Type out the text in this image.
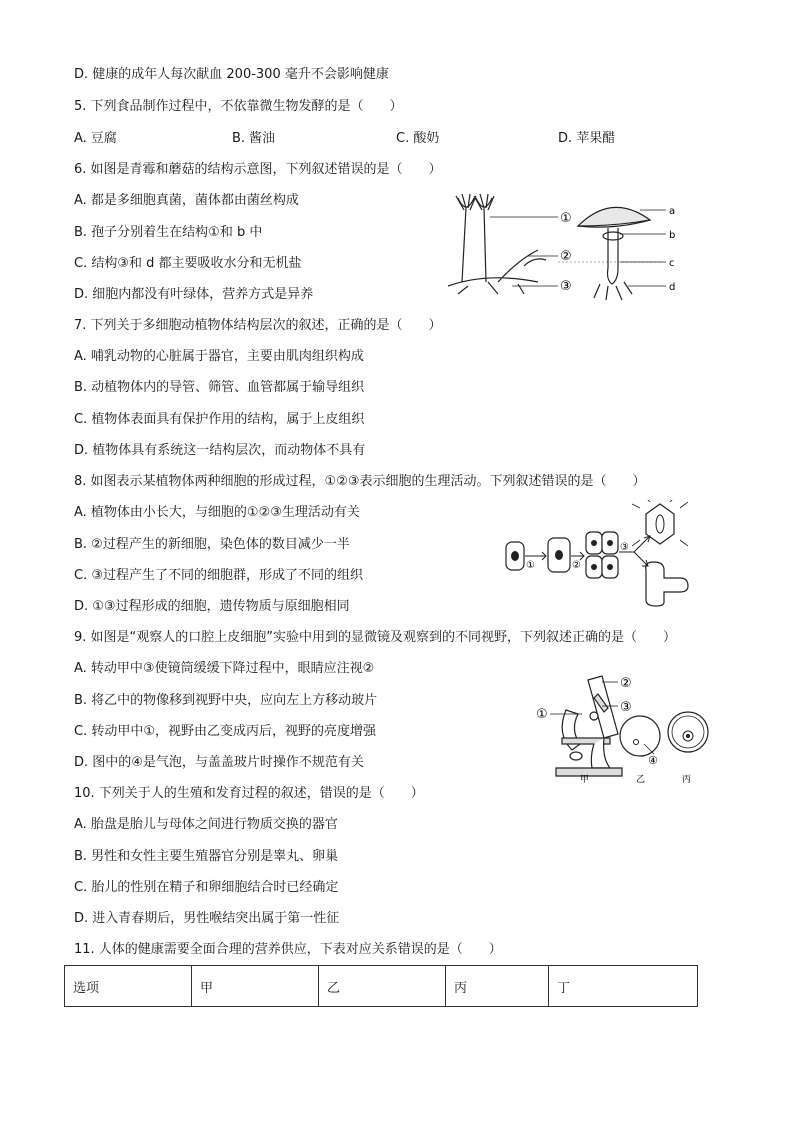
D. 健康的成年人每次献血 200-300 毫升不会影响健康
5. 下列食品制作过程中，不依靠微生物发酵的是（　　）
A. 豆腐	B. 酱油	C. 酸奶	D. 苹果醋
6. 如图是青霉和蘑菇的结构示意图，下列叙述错误的是（　　）
A. 都是多细胞真菌，菌体都由菌丝构成
B. 孢子分别着生在结构①和 b 中
C. 结构③和 d 都主要吸收水分和无机盐
D. 细胞内都没有叶绿体，营养方式是异养
①
②
③
a
b
c
d
7. 下列关于多细胞动植物体结构层次的叙述，正确的是（　　）
A. 哺乳动物的心脏属于器官，主要由肌肉组织构成
B. 动植物体内的导管、筛管、血管都属于输导组织
C. 植物体表面具有保护作用的结构，属于上皮组织
D. 植物体具有系统这一结构层次，而动物体不具有
8. 如图表示某植物体两种细胞的形成过程，①②③表示细胞的生理活动。下列叙述错误的是（　　）
A. 植物体由小长大，与细胞的①②③生理活动有关
B. ②过程产生的新细胞，染色体的数目减少一半
C. ③过程产生了不同的细胞群，形成了不同的组织
D. ①③过程形成的细胞，遗传物质与原细胞相同
①	②
③
9. 如图是“观察人的口腔上皮细胞”实验中用到的显微镜及观察到的不同视野，下列叙述正确的是（　　）
A. 转动甲中③使镜筒缓缓下降过程中，眼睛应注视②
B. 将乙中的物像移到视野中央，应向左上方移动玻片
C. 转动甲中①，视野由乙变成丙后，视野的亮度增强
D. 图中的④是气泡，与盖盖玻片时操作不规范有关
①
②
③
④
甲	乙	丙
10. 下列关于人的生殖和发育过程的叙述，错误的是（　　）
A. 胎盘是胎儿与母体之间进行物质交换的器官
B. 男性和女性主要生殖器官分别是睾丸、卵巢
C. 胎儿的性别在精子和卵细胞结合时已经确定
D. 进入青春期后，男性喉结突出属于第一性征
11. 人体的健康需要全面合理的营养供应，下表对应关系错误的是（　　）
选项	甲	乙	丙	丁
